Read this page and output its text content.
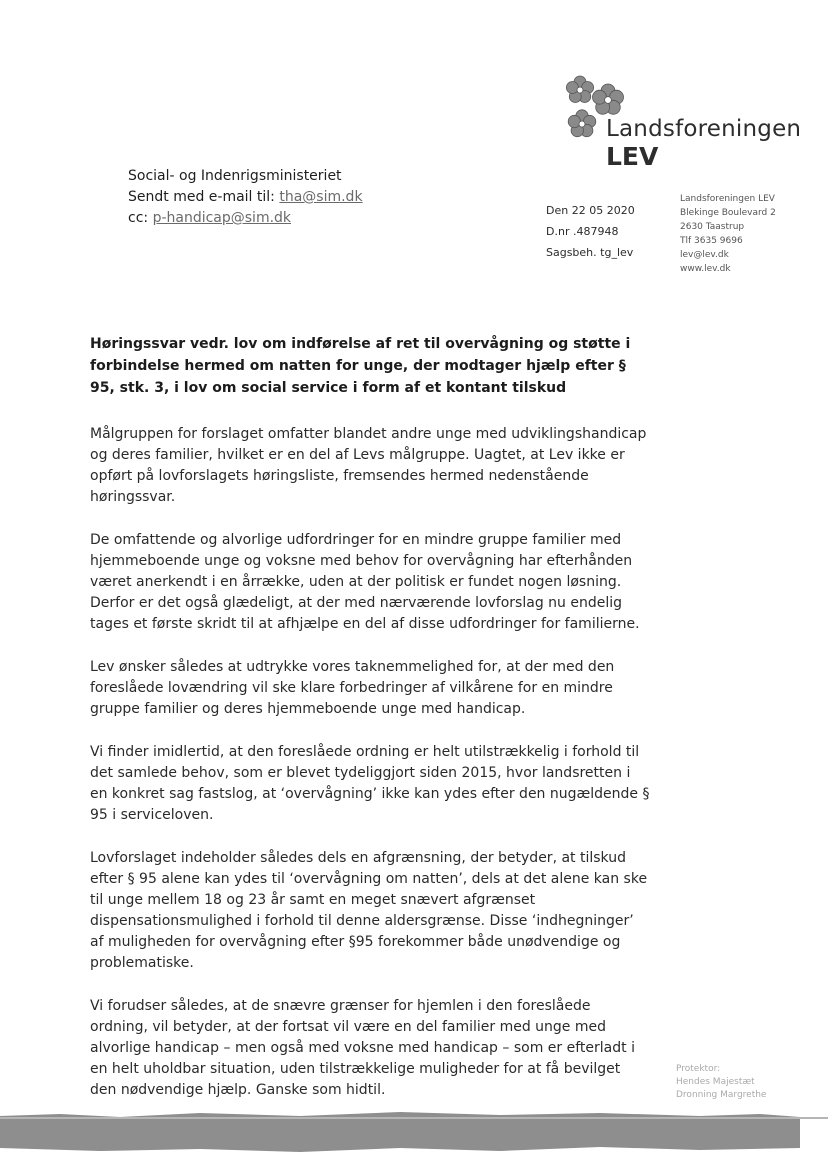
Landsforeningen
LEV
Social- og Indenrigsministeriet
Sendt med e-mail til: tha@sim.dk
cc: p-handicap@sim.dk	Den 22 05 2020
D.nr .487948
Sagsbeh. tg_lev
Landsforeningen LEV
Blekinge Boulevard 2
2630 Taastrup
Tlf 3635 9696
lev@lev.dk
www.lev.dk
Høringssvar vedr. lov om indførelse af ret til overvågning og støtte i forbindelse hermed om natten for unge, der modtager hjælp efter § 95, stk. 3, i lov om social service i form af et kontant tilskud

Målgruppen for forslaget omfatter blandet andre unge med udviklingshandicap og deres familier, hvilket er en del af Levs målgruppe. Uagtet, at Lev ikke er opført på lovforslagets høringsliste, fremsendes hermed nedenstående høringssvar.

De omfattende og alvorlige udfordringer for en mindre gruppe familier med hjemmeboende unge og voksne med behov for overvågning har efterhånden været anerkendt i en årrække, uden at der politisk er fundet nogen løsning. Derfor er det også glædeligt, at der med nærværende lovforslag nu endelig tages et første skridt til at afhjælpe en del af disse udfordringer for familierne.

Lev ønsker således at udtrykke vores taknemmelighed for, at der med den foreslåede lovændring vil ske klare forbedringer af vilkårene for en mindre gruppe familier og deres hjemmeboende unge med handicap.

Vi finder imidlertid, at den foreslåede ordning er helt utilstrækkelig i forhold til det samlede behov, som er blevet tydeliggjort siden 2015, hvor landsretten i en konkret sag fastslog, at ‘overvågning’ ikke kan ydes efter den nugældende § 95 i serviceloven.

Lovforslaget indeholder således dels en afgrænsning, der betyder, at tilskud efter § 95 alene kan ydes til ‘overvågning om natten’, dels at det alene kan ske til unge mellem 18 og 23 år samt en meget snævert afgrænset dispensationsmulighed i forhold til denne aldersgrænse. Disse ‘indhegninger’ af muligheden for overvågning efter §95 forekommer både unødvendige og problematiske.

Vi forudser således, at de snævre grænser for hjemlen i den foreslåede ordning, vil betyder, at der fortsat vil være en del familier med unge med alvorlige handicap – men også med voksne med handicap – som er efterladt i en helt uholdbar situation, uden tilstrækkelige muligheder for at få bevilget den nødvendige hjælp. Ganske som hidtil.

Protektor:
Hendes Majestæt
Dronning Margrethe
